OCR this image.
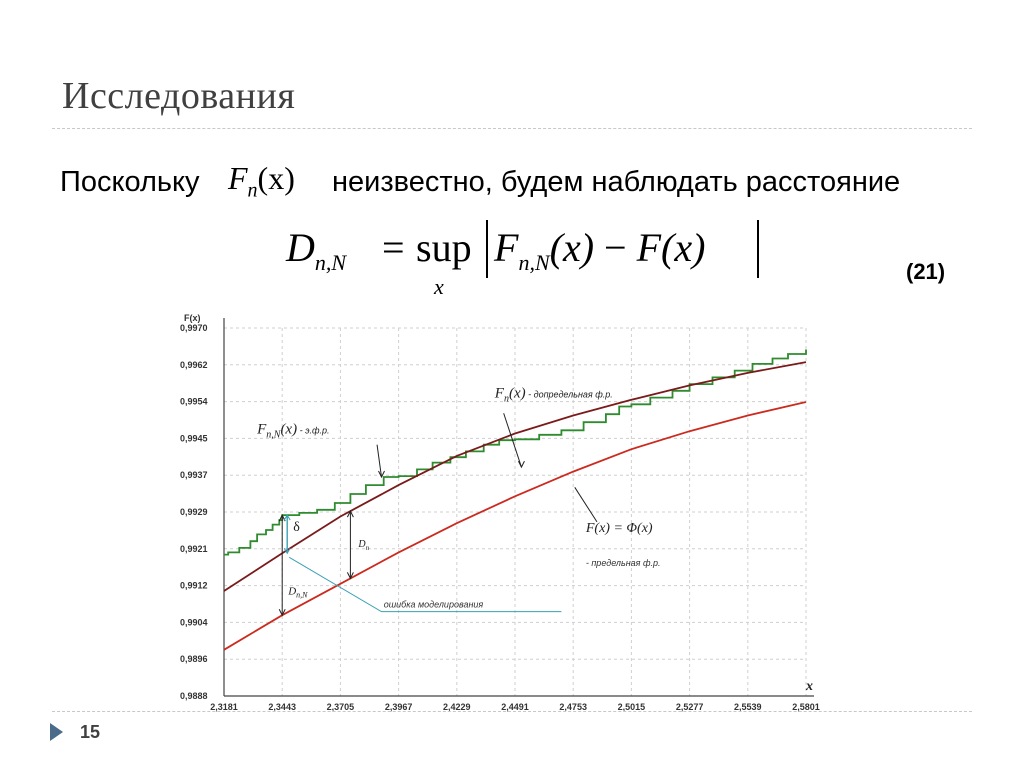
Исследования
Поскольку $F_n(x)$ неизвестно, будем наблюдать расстояние
$D_{n,N}$ = sup
x
$F_{n,N}(x) - F(x)$
(21)
F(x)
x
2,3181	2,3443	2,3705	2,3967	2,4229	2,4491	2,4753	2,5015	2,5277	2,5539	2,5801
0,9888
0,9896
0,9904
0,9912
0,9921
0,9929
0,9937
0,9945
0,9954
0,9962
0,9970
δ
$D_{n,N}$
$D_n$
ошибка моделирования
$F_{n,N}(x) - э.ф.р$.
$F_n(x)$ - допредельная ф.р.
F(x) = Φ(x)
- предельная ф.р.
15
